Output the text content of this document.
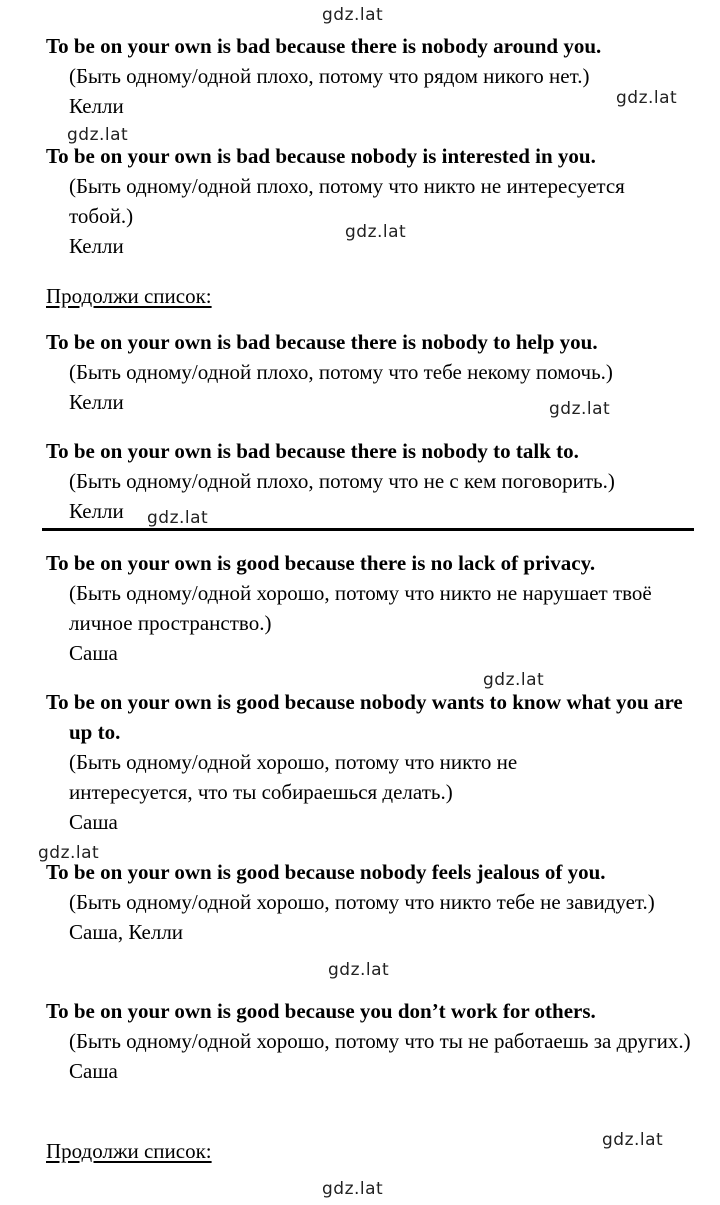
To be on your own is bad because there is nobody around you.
(Быть одному/одной плохо, потому что рядом никого нет.)
Келли
To be on your own is bad because nobody is interested in you.
(Быть одному/одной плохо, потому что никто не интересуется тобой.)
Келли
Продолжи список:
To be on your own is bad because there is nobody to help you.
(Быть одному/одной плохо, потому что тебе некому помочь.)
Келли
To be on your own is bad because there is nobody to talk to.
(Быть одному/одной плохо, потому что не с кем поговорить.)
Келли
To be on your own is good because there is no lack of privacy.
(Быть одному/одной хорошо, потому что никто не нарушает твоё личное пространство.)
Саша
To be on your own is good because nobody wants to know what you are up to.
(Быть одному/одной хорошо, потому что никто не интересуется, что ты собираешься делать.)
Саша
To be on your own is good because nobody feels jealous of you.
(Быть одному/одной хорошо, потому что никто тебе не завидует.)
Саша, Келли
To be on your own is good because you don’t work for others.
(Быть одному/одной хорошо, потому что ты не работаешь за других.)
Саша
Продолжи список:
gdz.lat
gdz.lat
gdz.lat
gdz.lat
gdz.lat
gdz.lat
gdz.lat
gdz.lat
gdz.lat
gdz.lat
gdz.lat
